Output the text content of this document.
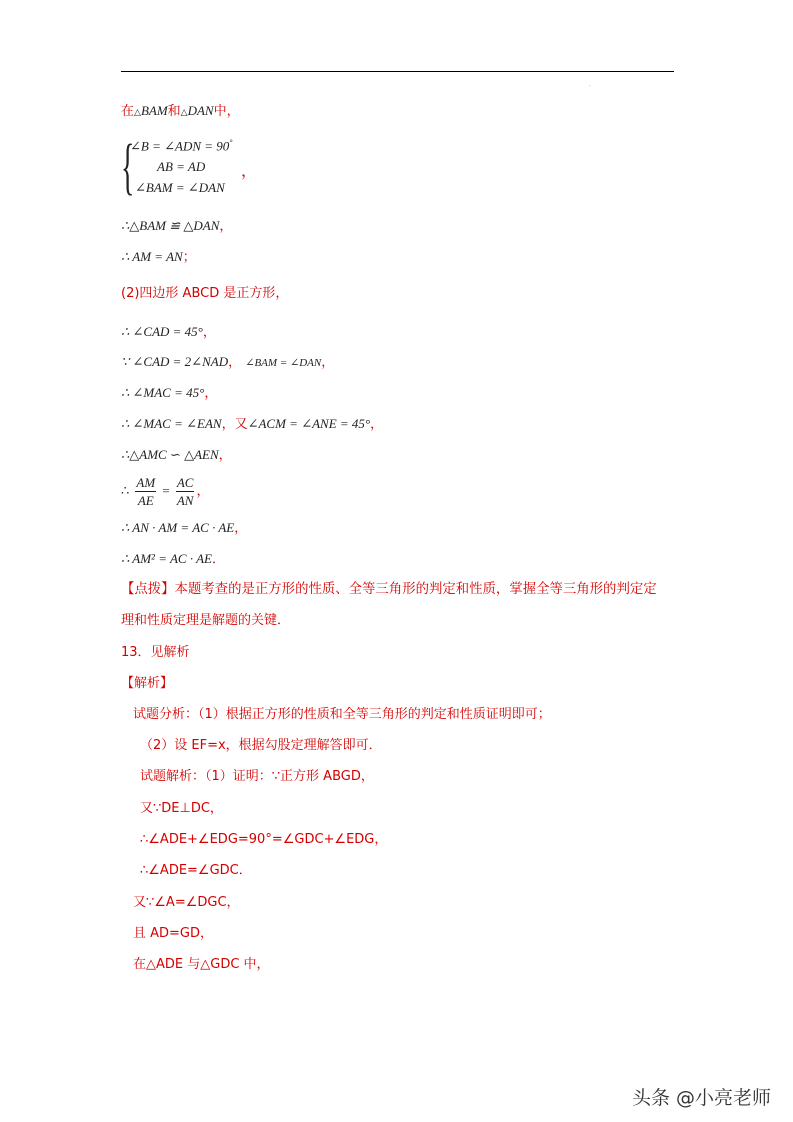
.
在△BAM和△DAN中，
{
∠B = ∠ADN = 90°
AB = AD
∠BAM = ∠DAN
，
∴△BAM ≌ △DAN，
∴ AM = AN；
(2)四边形 ABCD 是正方形，
∴ ∠CAD = 45°，
∵ ∠CAD = 2∠NAD， ∠BAM = ∠DAN，
∴ ∠MAC = 45°，
∴ ∠MAC = ∠EAN，又∠ACM = ∠ANE = 45°，
∴△AMC ∽ △AEN，
∴ $\frac{AM}{AE} = \frac{AC}{AN}$ ，
∴ AN · AM = AC · AE，
∴ AM² = AC · AE．
【点拨】本题考查的是正方形的性质、全等三角形的判定和性质，掌握全等三角形的判定定
理和性质定理是解题的关键．
13．见解析
【解析】
试题分析：（1）根据正方形的性质和全等三角形的判定和性质证明即可；
（2）设 EF=x，根据勾股定理解答即可．
试题解析：（1）证明：∵正方形 ABGD，
又∵DE⊥DC，
∴∠ADE+∠EDG=90°=∠GDC+∠EDG，
∴∠ADE=∠GDC．
又∵∠A=∠DGC，
且 AD=GD，
在△ADE 与△GDC 中，
头条 @小亮老师
